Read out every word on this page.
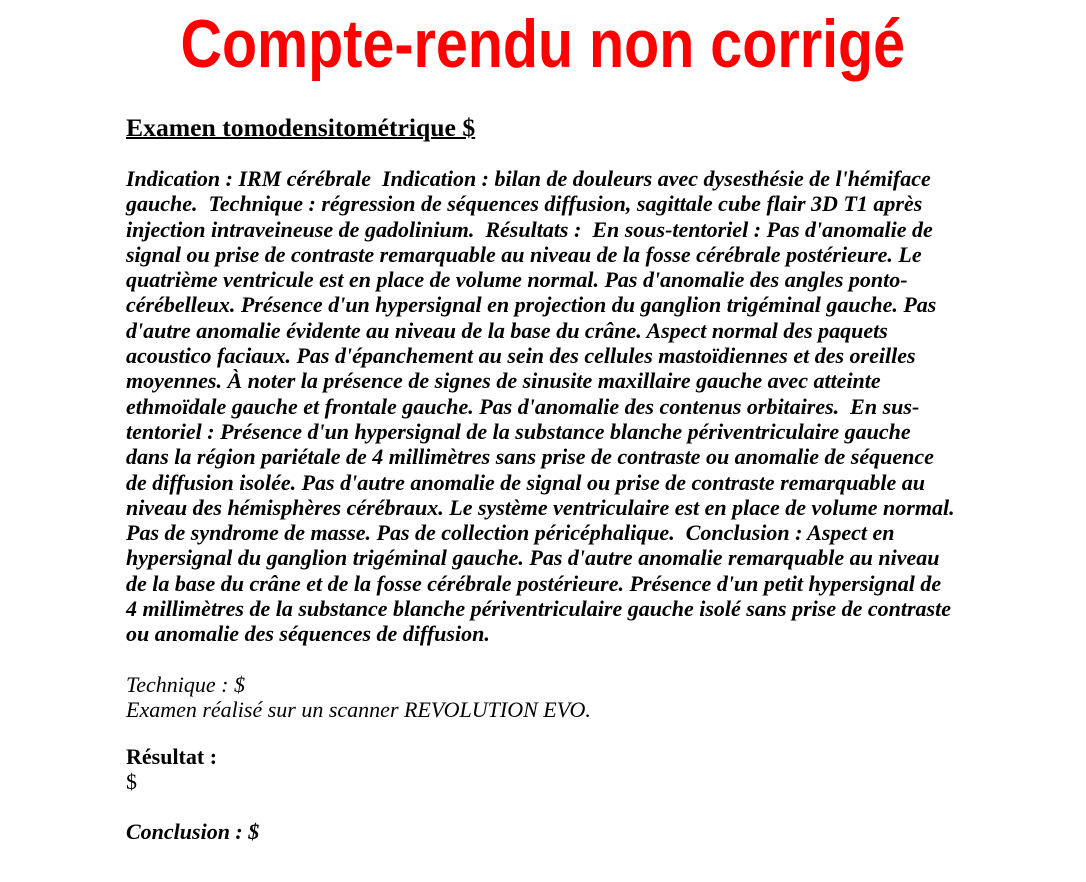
Compte-rendu non corrigé
Examen tomodensitométrique $
Indication : IRM cérébrale  Indication : bilan de douleurs avec dysesthésie de l'hémiface
gauche.  Technique : régression de séquences diffusion, sagittale cube flair 3D T1 après
injection intraveineuse de gadolinium.  Résultats :  En sous-tentoriel : Pas d'anomalie de
signal ou prise de contraste remarquable au niveau de la fosse cérébrale postérieure. Le
quatrième ventricule est en place de volume normal. Pas d'anomalie des angles ponto-
cérébelleux. Présence d'un hypersignal en projection du ganglion trigéminal gauche. Pas
d'autre anomalie évidente au niveau de la base du crâne. Aspect normal des paquets
acoustico faciaux. Pas d'épanchement au sein des cellules mastoïdiennes et des oreilles
moyennes. À noter la présence de signes de sinusite maxillaire gauche avec atteinte
ethmoïdale gauche et frontale gauche. Pas d'anomalie des contenus orbitaires.  En sus-
tentoriel : Présence d'un hypersignal de la substance blanche périventriculaire gauche
dans la région pariétale de 4 millimètres sans prise de contraste ou anomalie de séquence
de diffusion isolée. Pas d'autre anomalie de signal ou prise de contraste remarquable au
niveau des hémisphères cérébraux. Le système ventriculaire est en place de volume normal.
Pas de syndrome de masse. Pas de collection péricéphalique.  Conclusion : Aspect en
hypersignal du ganglion trigéminal gauche. Pas d'autre anomalie remarquable au niveau
de la base du crâne et de la fosse cérébrale postérieure. Présence d'un petit hypersignal de
4 millimètres de la substance blanche périventriculaire gauche isolé sans prise de contraste
ou anomalie des séquences de diffusion.
Technique : $
Examen réalisé sur un scanner REVOLUTION EVO.
Résultat :
$
Conclusion : $
